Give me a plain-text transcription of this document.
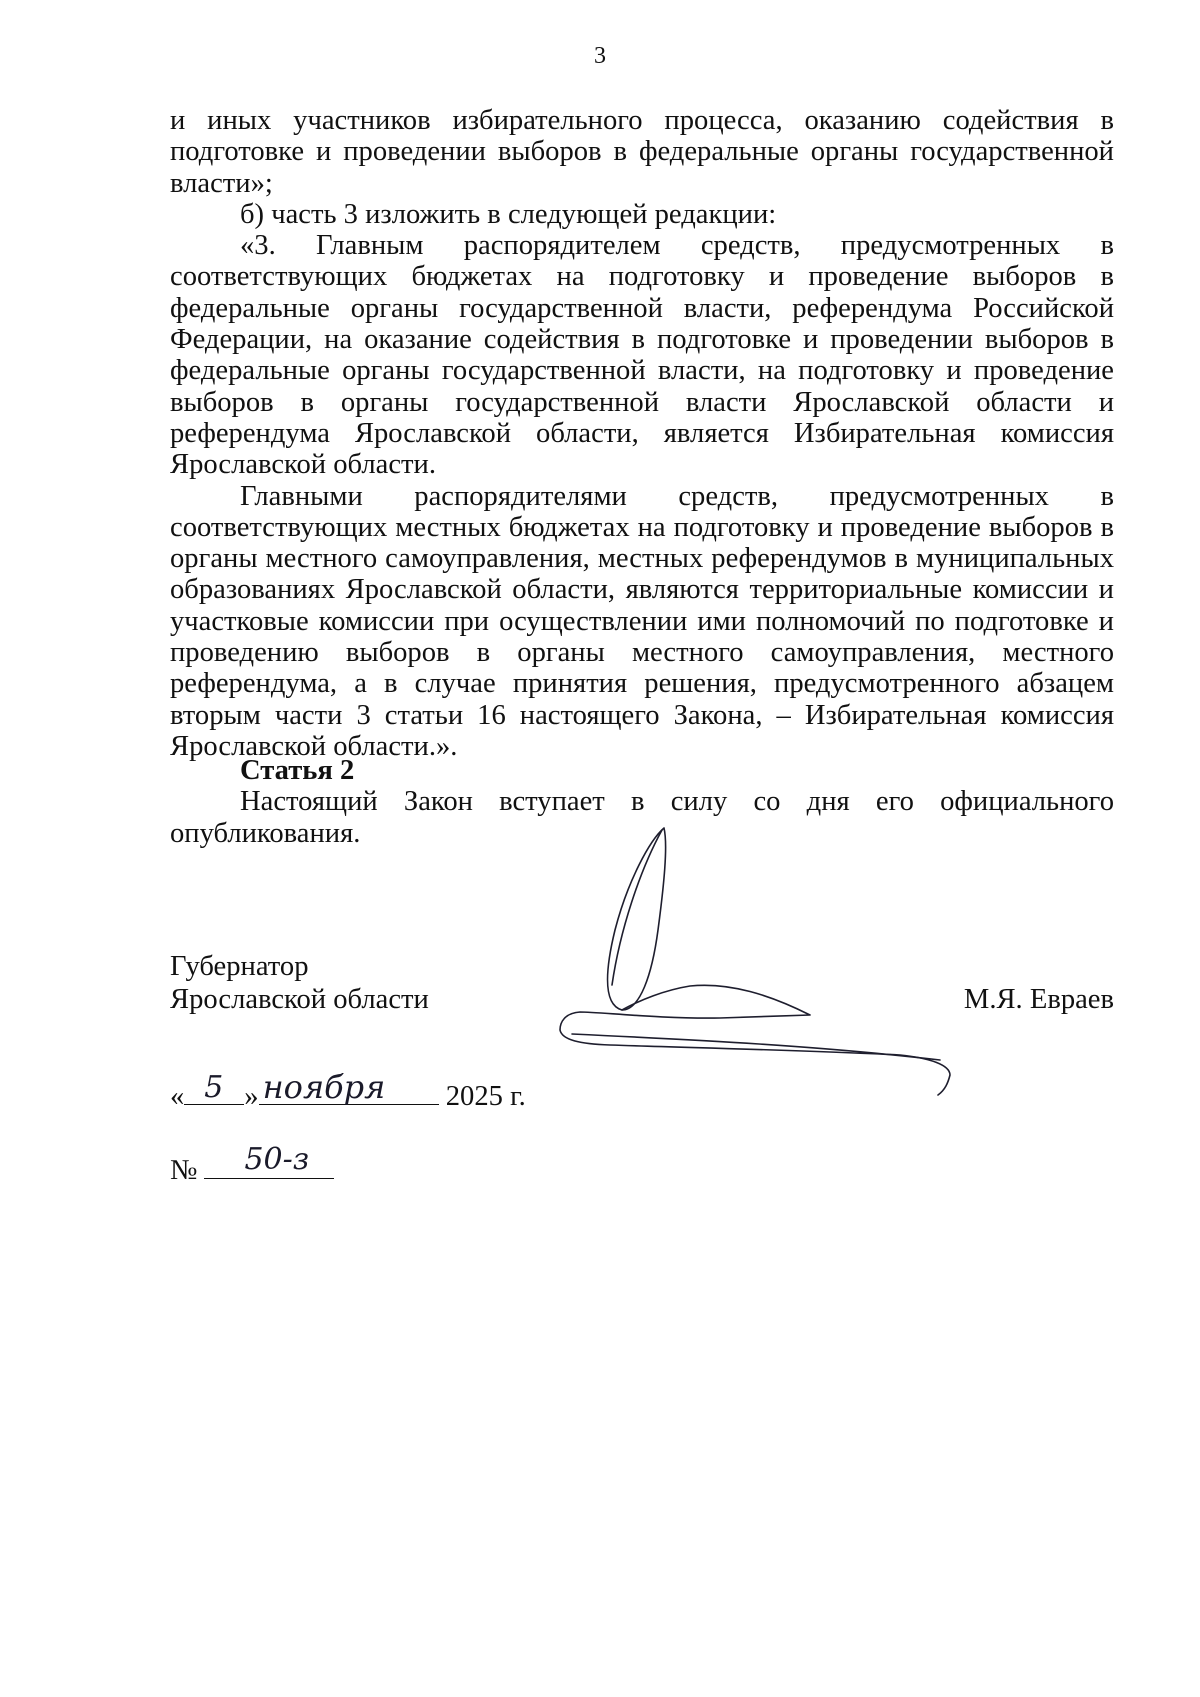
3

и иных участников избирательного процесса, оказанию содействия в подготовке и проведении выборов в федеральные органы государственной власти»;

б) часть 3 изложить в следующей редакции:

«3. Главным распорядителем средств, предусмотренных в соответствующих бюджетах на подготовку и проведение выборов в федеральные органы государственной власти, референдума Российской Федерации, на оказание содействия в подготовке и проведении выборов в федеральные органы государственной власти, на подготовку и проведение выборов в органы государственной власти Ярославской области и референдума Ярославской области, является Избирательная комиссия Ярославской области.

Главными распорядителями средств, предусмотренных в соответствующих местных бюджетах на подготовку и проведение выборов в органы местного самоуправления, местных референдумов в муниципальных образованиях Ярославской области, являются территориальные комиссии и участковые комиссии при осуществлении ими полномочий по подготовке и проведению выборов в органы местного самоуправления, местного референдума, а в случае принятия решения, предусмотренного абзацем вторым части 3 статьи 16 настоящего Закона, – Избирательная комиссия Ярославской области.».

Статья 2

Настоящий Закон вступает в силу со дня его официального опубликования.

Губернатор
Ярославской области	М.Я. Евраев
« 5 » ноября 2025 г.
№ 50-з
